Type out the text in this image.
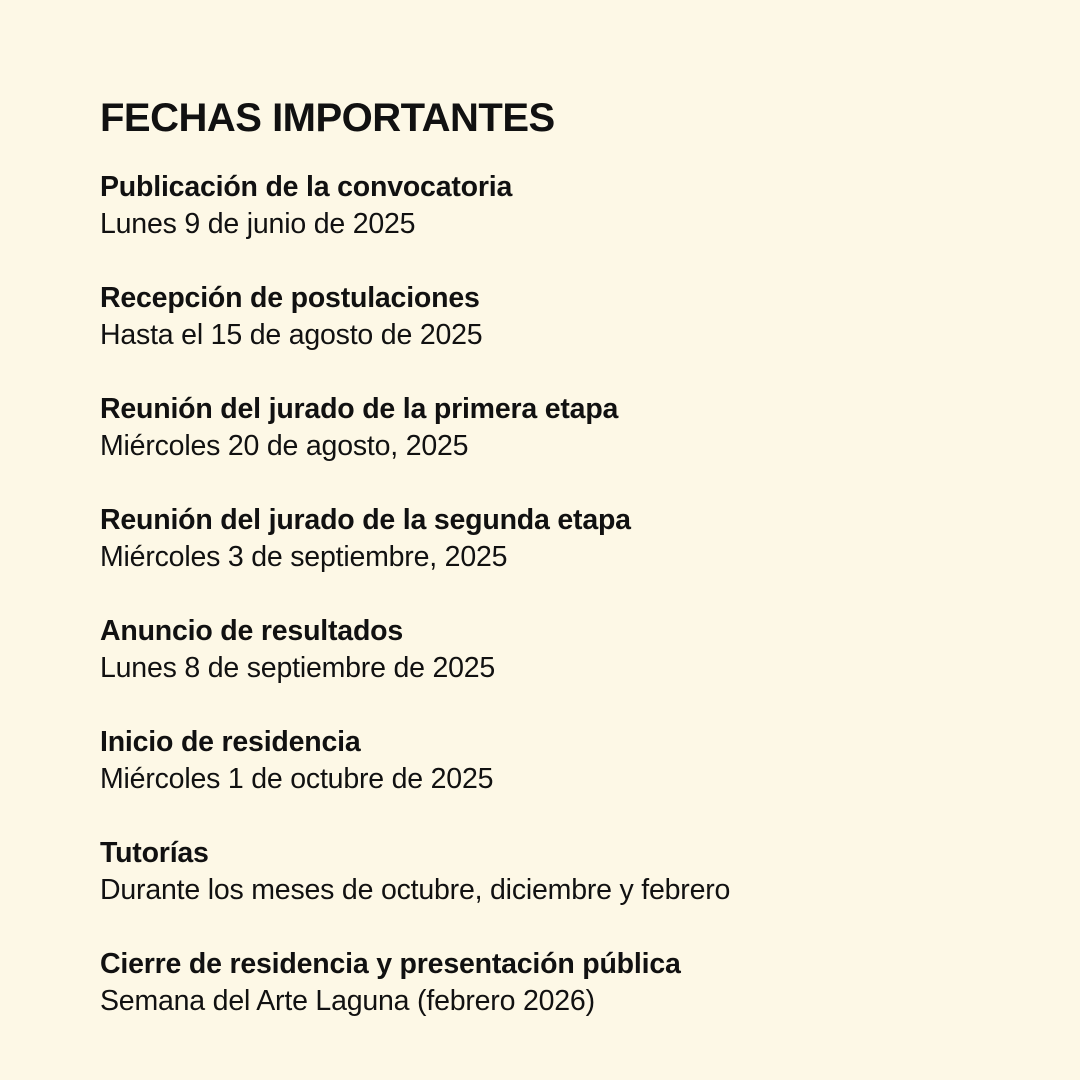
FECHAS IMPORTANTES
Publicación de la convocatoria
Lunes 9 de junio de 2025
Recepción de postulaciones
Hasta el 15 de agosto de 2025
Reunión del jurado de la primera etapa
Miércoles 20 de agosto, 2025
Reunión del jurado de la segunda etapa
Miércoles 3 de septiembre, 2025
Anuncio de resultados
Lunes 8 de septiembre de 2025
Inicio de residencia
Miércoles 1 de octubre de 2025
Tutorías
Durante los meses de octubre, diciembre y febrero
Cierre de residencia y presentación pública
Semana del Arte Laguna (febrero 2026)
